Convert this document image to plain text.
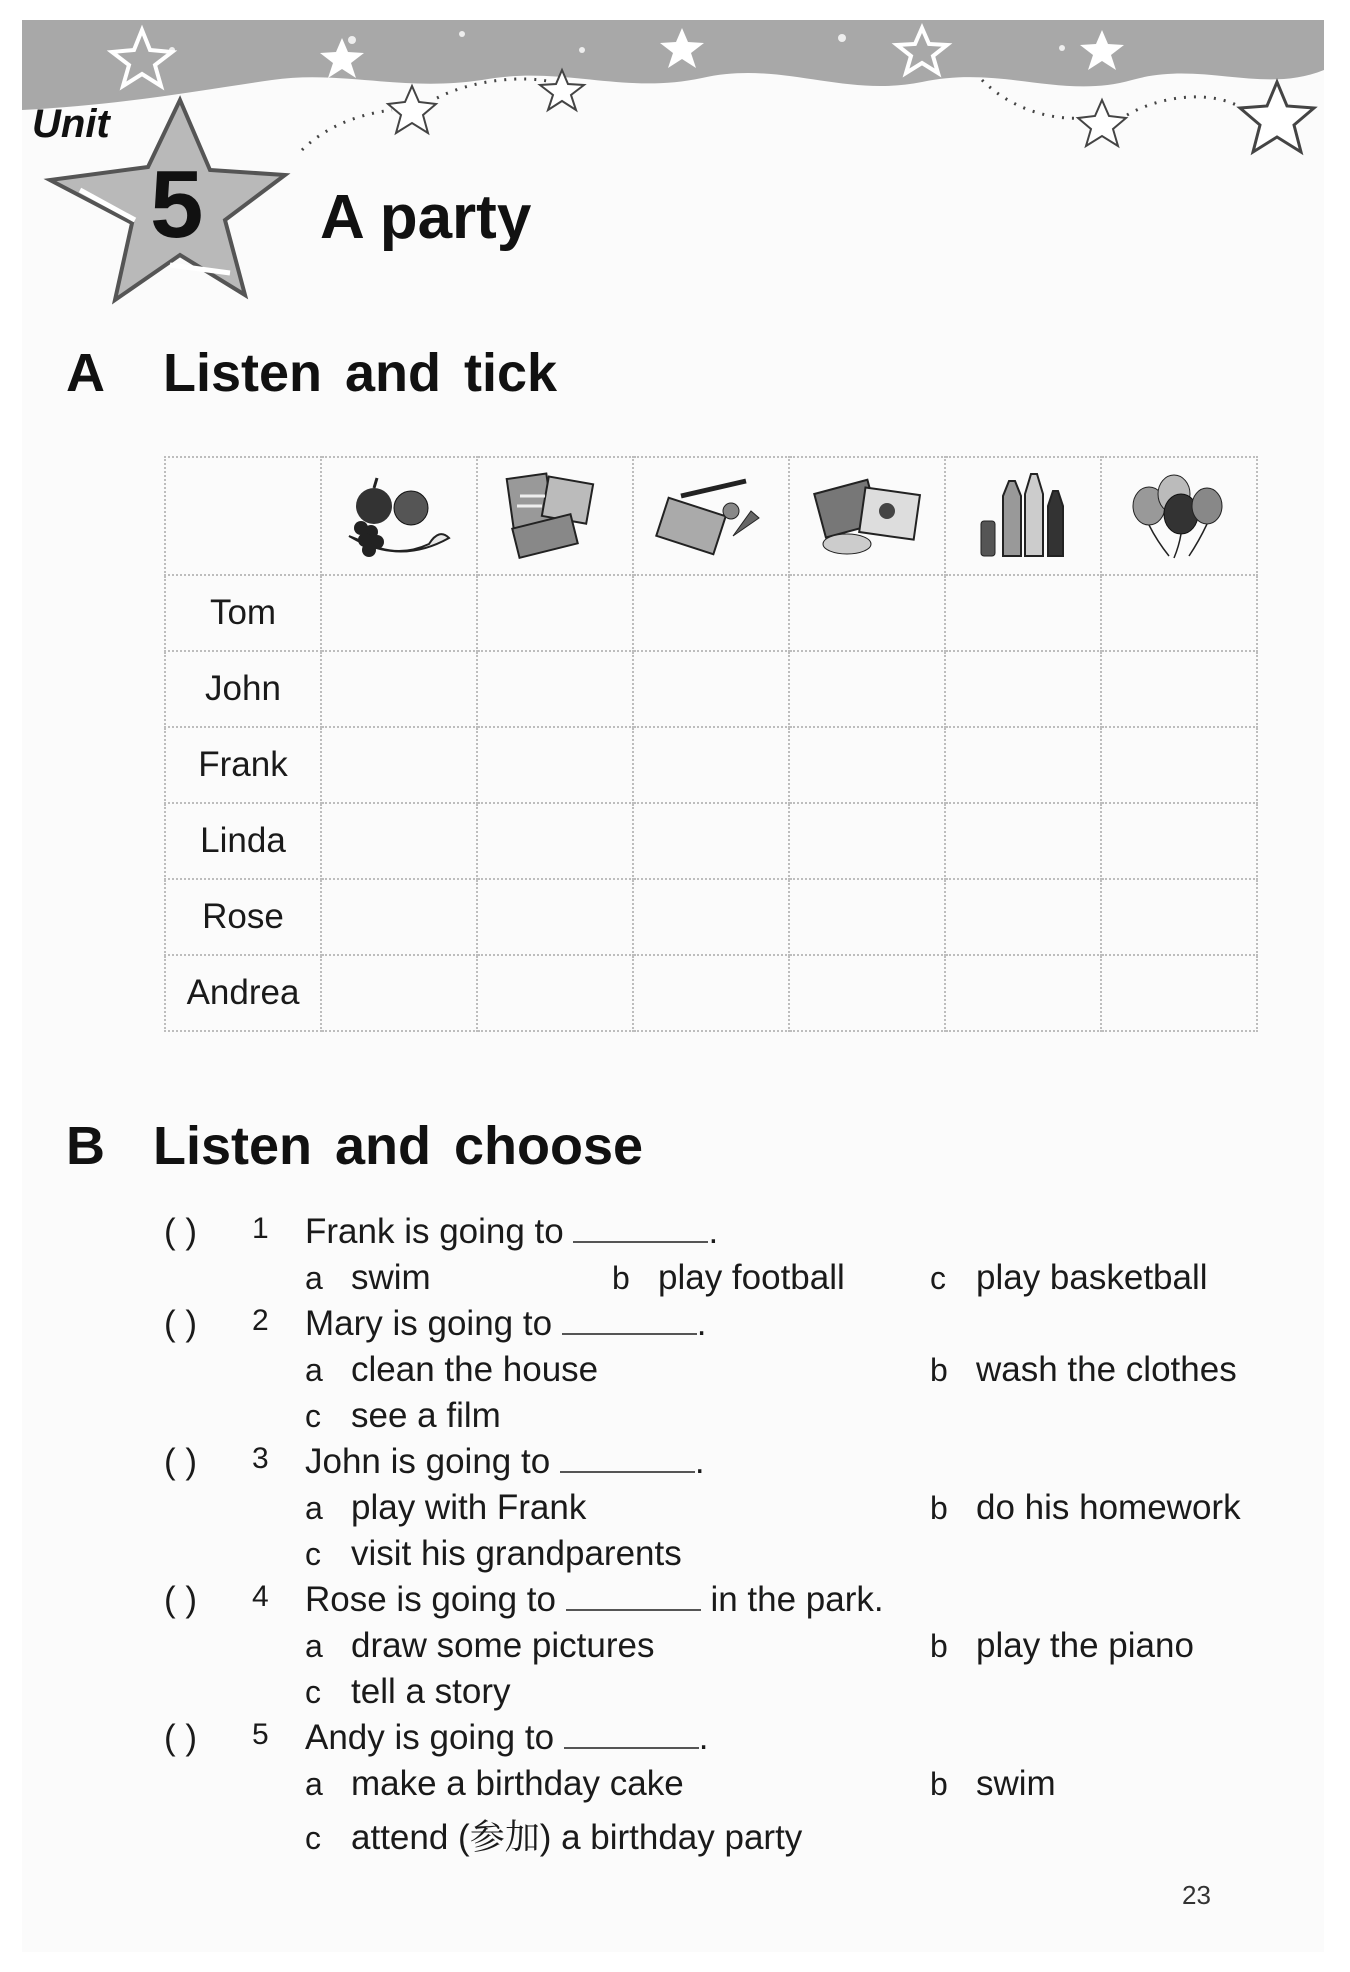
Unit
5 A party
A Listen and tick

Tom						
John						
Frank						
Linda						
Rose						
Andrea						
B Listen and choose
( ) 1 Frank is going to	.
a swim	b play football	c play basketball
( ) 2 Mary is going to	.
a clean the house	b wash the clothes
c see a film
( ) 3 John is going to	.
a play with Frank	b do his homework
c visit his grandparents
( ) 4 Rose is going to	in the park.
a draw some pictures	b play the piano
c tell a story
( ) 5 Andy is going to	.
a make a birthday cake	b swim
c attend (参加) a birthday party
23
